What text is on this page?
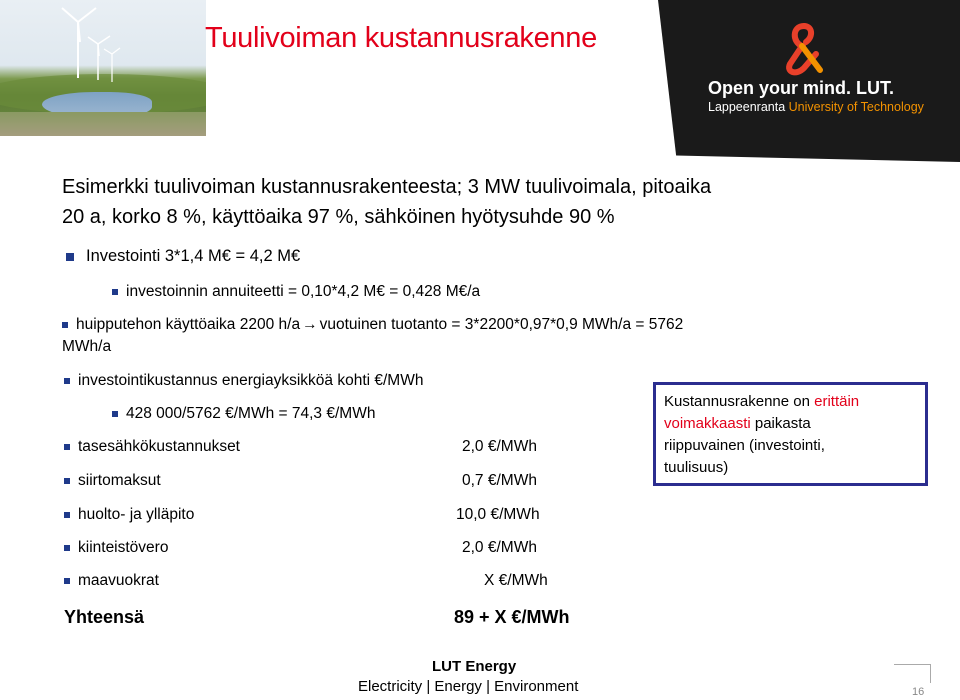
Tuulivoiman kustannusrakenne
Open your mind. LUT.
Lappeenranta University of Technology
Esimerkki tuulivoiman kustannusrakenteesta; 3 MW tuulivoimala, pitoaika
20 a, korko 8 %, käyttöaika 97 %, sähköinen hyötysuhde 90 %
Investointi 3*1,4 M€ = 4,2 M€
investoinnin annuiteetti = 0,10*4,2 M€ = 0,428 M€/a
huipputehon käyttöaika 2200 h/a → vuotuinen tuotanto = 3*2200*0,97*0,9 MWh/a = 5762
MWh/a
investointikustannus energiayksikköä kohti €/MWh
428 000/5762 €/MWh = 74,3 €/MWh
tasesähkökustannukset	2,0 €/MWh
siirtomaksut	0,7 €/MWh
huolto- ja ylläpito	10,0 €/MWh
kiinteistövero	2,0 €/MWh
maavuokrat	X €/MWh
Yhteensä	89 + X €/MWh
Kustannusrakenne on erittäin
voimakkaasti paikasta
riippuvainen (investointi,
tuulisuus)
LUT Energy
Electricity | Energy | Environment	16
